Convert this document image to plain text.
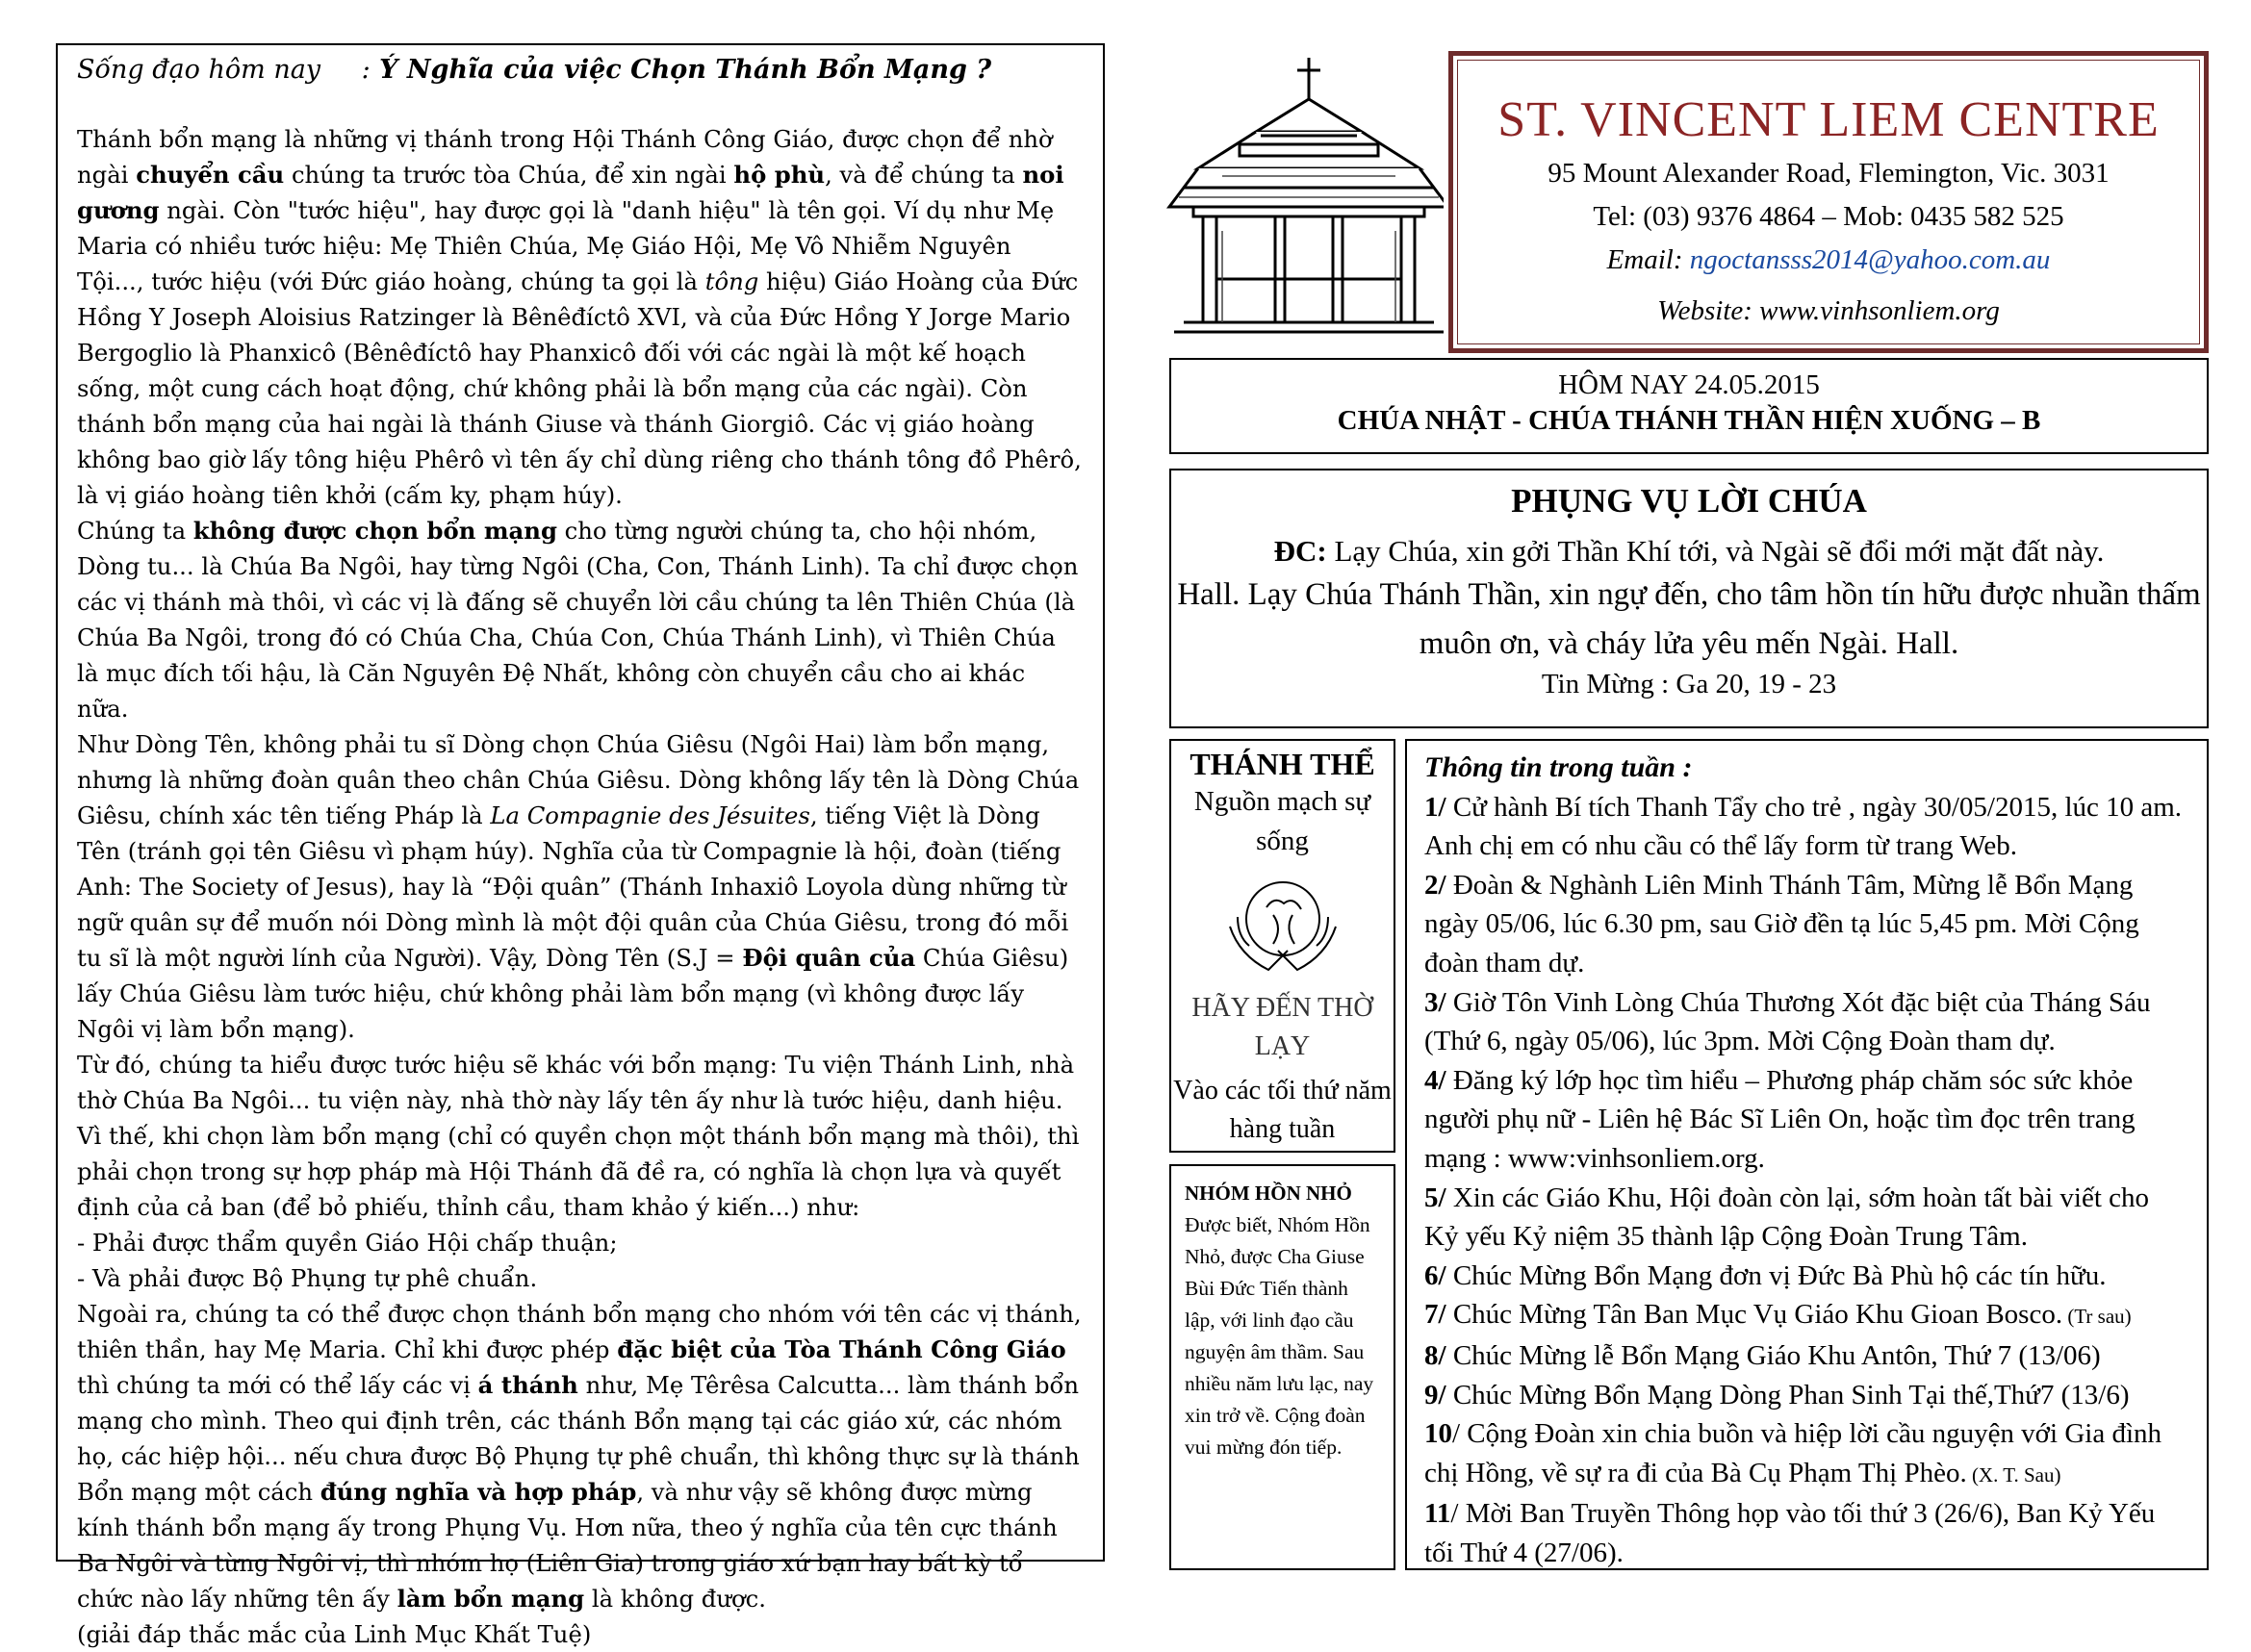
Sống đạo hôm nay : Ý Nghĩa của việc Chọn Thánh Bổn Mạng ?

Thánh bổn mạng là những vị thánh trong Hội Thánh Công Giáo, được chọn để nhờ ngài chuyển cầu chúng ta trước tòa Chúa, để xin ngài hộ phù, và để chúng ta noi gương ngài. Còn "tước hiệu", hay được gọi là "danh hiệu" là tên gọi. Ví dụ như Mẹ Maria có nhiều tước hiệu: Mẹ Thiên Chúa, Mẹ Giáo Hội, Mẹ Vô Nhiễm Nguyên Tội..., tước hiệu (với Đức giáo hoàng, chúng ta gọi là tông hiệu) Giáo Hoàng của Đức Hồng Y Joseph Aloisius Ratzinger là Bênêđíctô XVI, và của Đức Hồng Y Jorge Mario Bergoglio là Phanxicô (Bênêđíctô hay Phanxicô đối với các ngài là một kế hoạch sống, một cung cách hoạt động, chứ không phải là bổn mạng của các ngài). Còn thánh bổn mạng của hai ngài là thánh Giuse và thánh Giorgiô. Các vị giáo hoàng không bao giờ lấy tông hiệu Phêrô vì tên ấy chỉ dùng riêng cho thánh tông đồ Phêrô, là vị giáo hoàng tiên khởi (cấm ky, phạm húy).

Chúng ta không được chọn bổn mạng cho từng người chúng ta, cho hội nhóm, Dòng tu... là Chúa Ba Ngôi, hay từng Ngôi (Cha, Con, Thánh Linh). Ta chỉ được chọn các vị thánh mà thôi, vì các vị là đấng sẽ chuyển lời cầu chúng ta lên Thiên Chúa (là Chúa Ba Ngôi, trong đó có Chúa Cha, Chúa Con, Chúa Thánh Linh), vì Thiên Chúa là mục đích tối hậu, là Căn Nguyên Đệ Nhất, không còn chuyển cầu cho ai khác nữa.

Như Dòng Tên, không phải tu sĩ Dòng chọn Chúa Giêsu (Ngôi Hai) làm bổn mạng, nhưng là những đoàn quân theo chân Chúa Giêsu. Dòng không lấy tên là Dòng Chúa Giêsu, chính xác tên tiếng Pháp là La Compagnie des Jésuites, tiếng Việt là Dòng Tên (tránh gọi tên Giêsu vì phạm húy). Nghĩa của từ Compagnie là hội, đoàn (tiếng Anh: The Society of Jesus), hay là “Đội quân” (Thánh Inhaxiô Loyola dùng những từ ngữ quân sự để muốn nói Dòng mình là một đội quân của Chúa Giêsu, trong đó mỗi tu sĩ là một người lính của Người). Vậy, Dòng Tên (S.J = Đội quân của Chúa Giêsu) lấy Chúa Giêsu làm tước hiệu, chứ không phải làm bổn mạng (vì không được lấy Ngôi vị làm bổn mạng).

Từ đó, chúng ta hiểu được tước hiệu sẽ khác với bổn mạng: Tu viện Thánh Linh, nhà thờ Chúa Ba Ngôi... tu viện này, nhà thờ này lấy tên ấy như là tước hiệu, danh hiệu.

Vì thế, khi chọn làm bổn mạng (chỉ có quyền chọn một thánh bổn mạng mà thôi), thì phải chọn trong sự hợp pháp mà Hội Thánh đã đề ra, có nghĩa là chọn lựa và quyết định của cả ban (để bỏ phiếu, thỉnh cầu, tham khảo ý kiến...) như:

- Phải được thẩm quyền Giáo Hội chấp thuận;

- Và phải được Bộ Phụng tự phê chuẩn.

Ngoài ra, chúng ta có thể được chọn thánh bổn mạng cho nhóm với tên các vị thánh, thiên thần, hay Mẹ Maria. Chỉ khi được phép đặc biệt của Tòa Thánh Công Giáo thì chúng ta mới có thể lấy các vị á thánh như, Mẹ Têrêsa Calcutta... làm thánh bổn mạng cho mình. Theo qui định trên, các thánh Bổn mạng tại các giáo xứ, các nhóm họ, các hiệp hội... nếu chưa được Bộ Phụng tự phê chuẩn, thì không thực sự là thánh Bổn mạng một cách đúng nghĩa và hợp pháp, và như vậy sẽ không được mừng kính thánh bổn mạng ấy trong Phụng Vụ. Hơn nữa, theo ý nghĩa của tên cực thánh Ba Ngôi và từng Ngôi vị, thì nhóm họ (Liên Gia) trong giáo xứ bạn hay bất kỳ tổ chức nào lấy những tên ấy làm bổn mạng là không được.

(giải đáp thắc mắc của Linh Mục Khất Tuệ)

ST. VINCENT LIEM CENTRE
95 Mount Alexander Road, Flemington, Vic. 3031
Tel: (03) 9376 4864 – Mob: 0435 582 525
Email: ngoctansss2014@yahoo.com.au
Website: www.vinhsonliem.org
HÔM NAY 24.05.2015
CHÚA NHẬT - CHÚA THÁNH THẦN HIỆN XUỐNG – B
PHỤNG VỤ LỜI CHÚA
ĐC: Lạy Chúa, xin gởi Thần Khí tới, và Ngài sẽ đổi mới mặt đất này.
Hall. Lạy Chúa Thánh Thần, xin ngự đến, cho tâm hồn tín hữu được nhuần thấm muôn ơn, và cháy lửa yêu mến Ngài. Hall.
Tin Mừng : Ga 20, 19 - 23
THÁNH THỂ
Nguồn mạch sự sống
HÃY ĐẾN THỜ LẠY
Vào các tối thứ năm hàng tuần
NHÓM HỒN NHỎ
Được biết, Nhóm Hồn Nhỏ, được Cha Giuse Bùi Đức Tiến thành lập, với linh đạo cầu nguyện âm thầm. Sau nhiều năm lưu lạc, nay xin trở về. Cộng đoàn vui mừng đón tiếp.
Thông tin trong tuần :

1/ Cử hành Bí tích Thanh Tẩy cho trẻ , ngày 30/05/2015, lúc 10 am. Anh chị em có nhu cầu có thể lấy form từ trang Web.

2/ Đoàn & Nghành Liên Minh Thánh Tâm, Mừng lễ Bổn Mạng ngày 05/06, lúc 6.30 pm, sau Giờ đền tạ lúc 5,45 pm. Mời Cộng đoàn tham dự.

3/ Giờ Tôn Vinh Lòng Chúa Thương Xót đặc biệt của Tháng Sáu (Thứ 6, ngày 05/06), lúc 3pm. Mời Cộng Đoàn tham dự.

4/ Đăng ký lớp học tìm hiểu – Phương pháp chăm sóc sức khỏe người phụ nữ - Liên hệ Bác Sĩ Liên On, hoặc tìm đọc trên trang mạng : www:vinhsonliem.org.

5/ Xin các Giáo Khu, Hội đoàn còn lại, sớm hoàn tất bài viết cho Kỷ yếu Kỷ niệm 35 thành lập Cộng Đoàn Trung Tâm.

6/ Chúc Mừng Bổn Mạng đơn vị Đức Bà Phù hộ các tín hữu.

7/ Chúc Mừng Tân Ban Mục Vụ Giáo Khu Gioan Bosco. (Tr sau)

8/ Chúc Mừng lễ Bổn Mạng Giáo Khu Antôn, Thứ 7 (13/06)

9/ Chúc Mừng Bổn Mạng Dòng Phan Sinh Tại thế,Thứ7 (13/6)

10/ Cộng Đoàn xin chia buồn và hiệp lời cầu nguyện với Gia đình chị Hồng, về sự ra đi của Bà Cụ Phạm Thị Phèo. (X. T. Sau)

11/ Mời Ban Truyền Thông họp vào tối thứ 3 (26/6), Ban Kỷ Yếu tối Thứ 4 (27/06).
